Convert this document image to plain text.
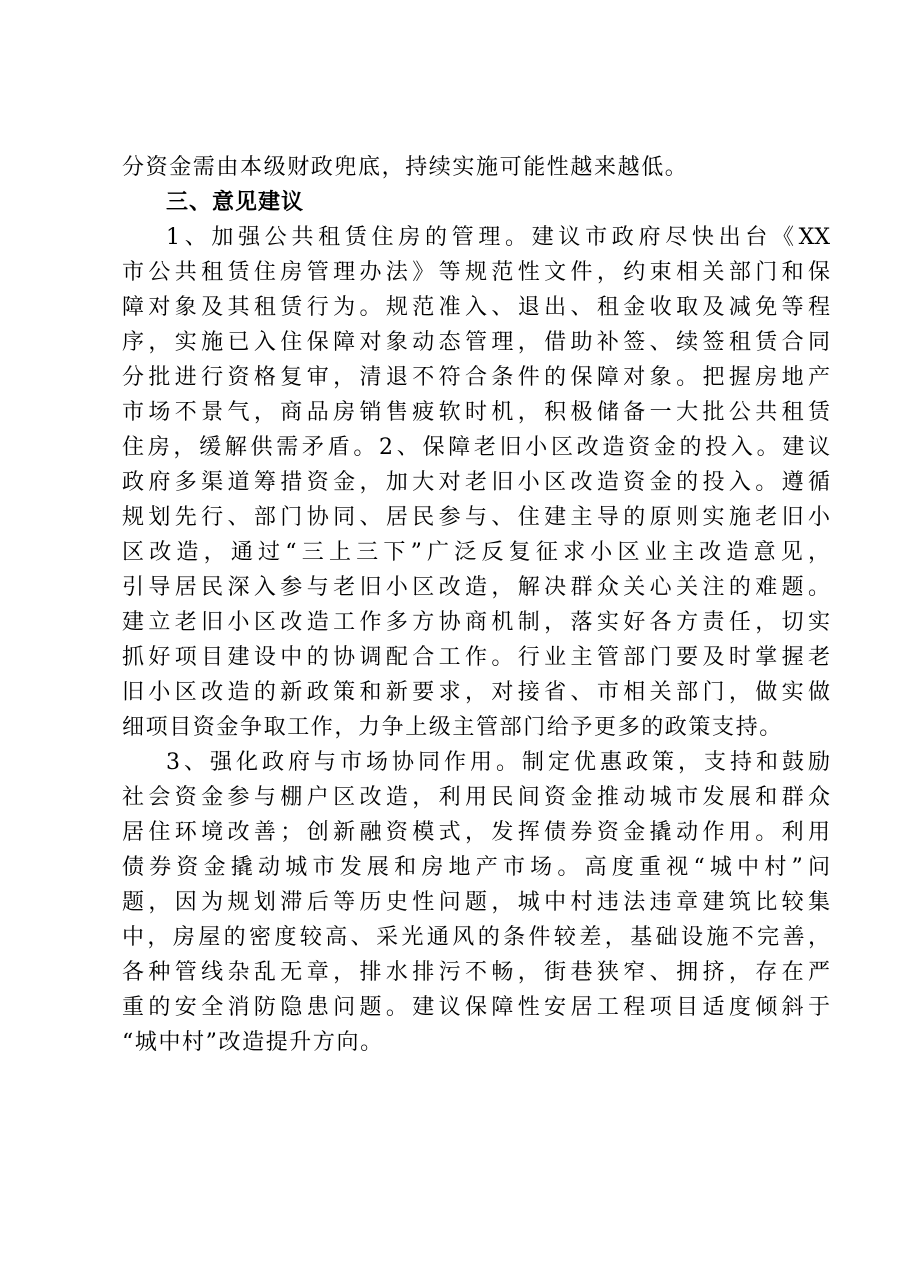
分资金需由本级财政兜底，持续实施可能性越来越低。
三、意见建议
1、加强公共租赁住房的管理。建议市政府尽快出台《XX
市公共租赁住房管理办法》等规范性文件，约束相关部门和保
障对象及其租赁行为。规范准入、退出、租金收取及减免等程
序，实施已入住保障对象动态管理，借助补签、续签租赁合同
分批进行资格复审，清退不符合条件的保障对象。把握房地产
市场不景气，商品房销售疲软时机，积极储备一大批公共租赁
住房，缓解供需矛盾。2、保障老旧小区改造资金的投入。建议
政府多渠道筹措资金，加大对老旧小区改造资金的投入。遵循
规划先行、部门协同、居民参与、住建主导的原则实施老旧小
区改造，通过“三上三下”广泛反复征求小区业主改造意见，
引导居民深入参与老旧小区改造，解决群众关心关注的难题。
建立老旧小区改造工作多方协商机制，落实好各方责任，切实
抓好项目建设中的协调配合工作。行业主管部门要及时掌握老
旧小区改造的新政策和新要求，对接省、市相关部门，做实做
细项目资金争取工作，力争上级主管部门给予更多的政策支持。
3、强化政府与市场协同作用。制定优惠政策，支持和鼓励
社会资金参与棚户区改造，利用民间资金推动城市发展和群众
居住环境改善；创新融资模式，发挥债券资金撬动作用。利用
债券资金撬动城市发展和房地产市场。高度重视“城中村”问
题，因为规划滞后等历史性问题，城中村违法违章建筑比较集
中，房屋的密度较高、采光通风的条件较差，基础设施不完善，
各种管线杂乱无章，排水排污不畅，街巷狭窄、拥挤，存在严
重的安全消防隐患问题。建议保障性安居工程项目适度倾斜于
“城中村”改造提升方向。
